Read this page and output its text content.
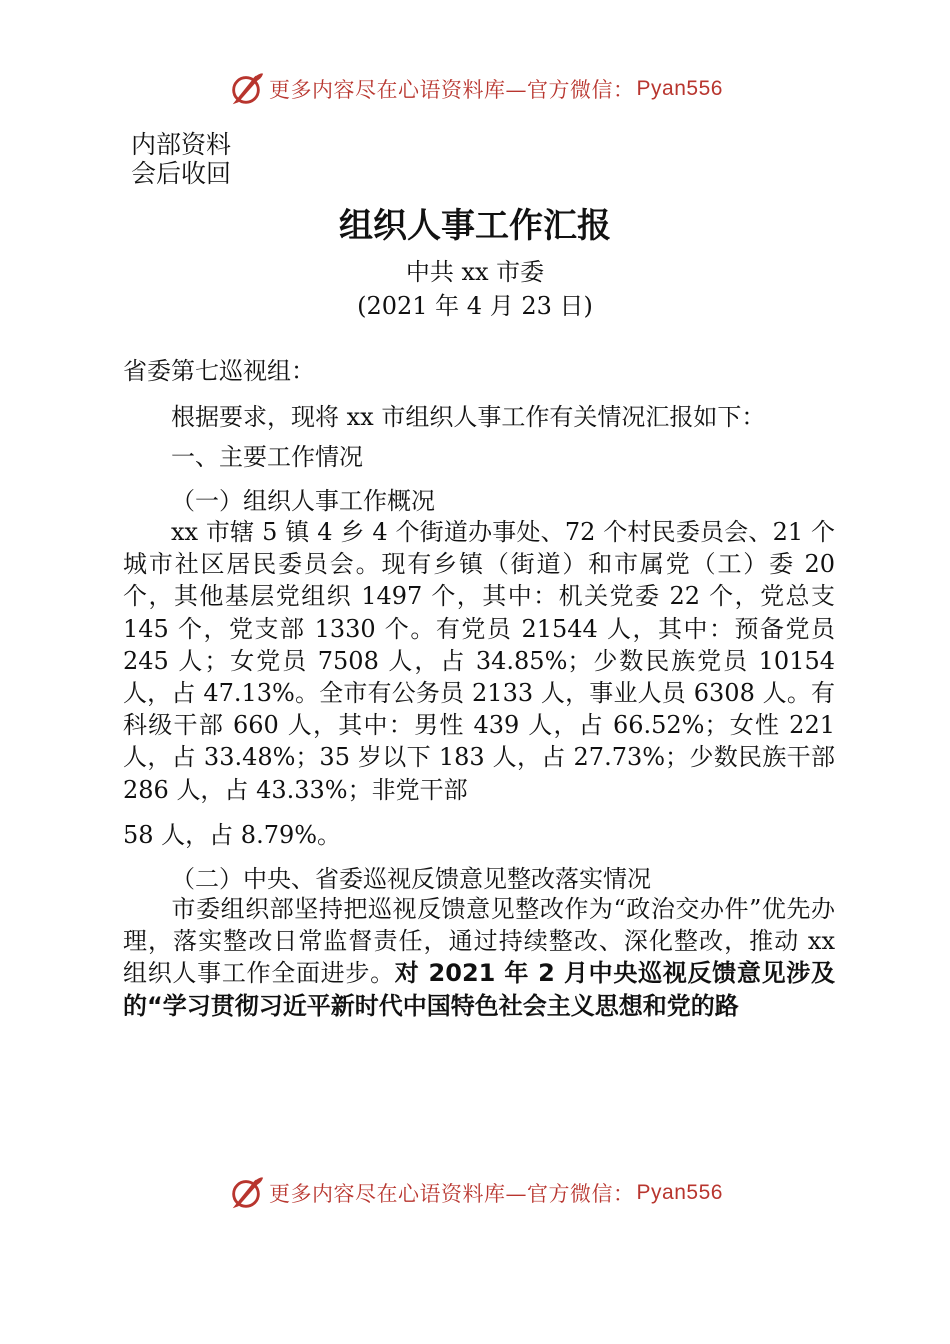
更多内容尽在心语资料库—官方微信： Pyan556
内部资料
会后收回
组织人事工作汇报
中共 xx 市委
(2021 年 4 月 23 日)
省委第七巡视组：
根据要求，现将 xx 市组织人事工作有关情况汇报如下：
一、主要工作情况
（一）组织人事工作概况
xx 市辖 5 镇 4 乡 4 个街道办事处、72 个村民委员会、21 个城市社区居民委员会。现有乡镇（街道）和市属党（工）委 20 个，其他基层党组织 1497 个，其中：机关党委 22 个，党总支 145 个，党支部 1330 个。有党员 21544 人，其中：预备党员 245 人；女党员 7508 人，占 34.85%；少数民族党员 10154 人，占 47.13%。全市有公务员 2133 人，事业人员 6308 人。有科级干部 660 人，其中：男性 439 人，占 66.52%；女性 221 人，占 33.48%；35 岁以下 183 人，占 27.73%；少数民族干部 286 人，占 43.33%；非党干部
58 人，占 8.79%。
（二）中央、省委巡视反馈意见整改落实情况
市委组织部坚持把巡视反馈意见整改作为“政治交办件”优先办理，落实整改日常监督责任，通过持续整改、深化整改，推动 xx 组织人事工作全面进步。对 2021 年 2 月中央巡视反馈意见涉及的“学习贯彻习近平新时代中国特色社会主义思想和党的路
更多内容尽在心语资料库—官方微信： Pyan556
